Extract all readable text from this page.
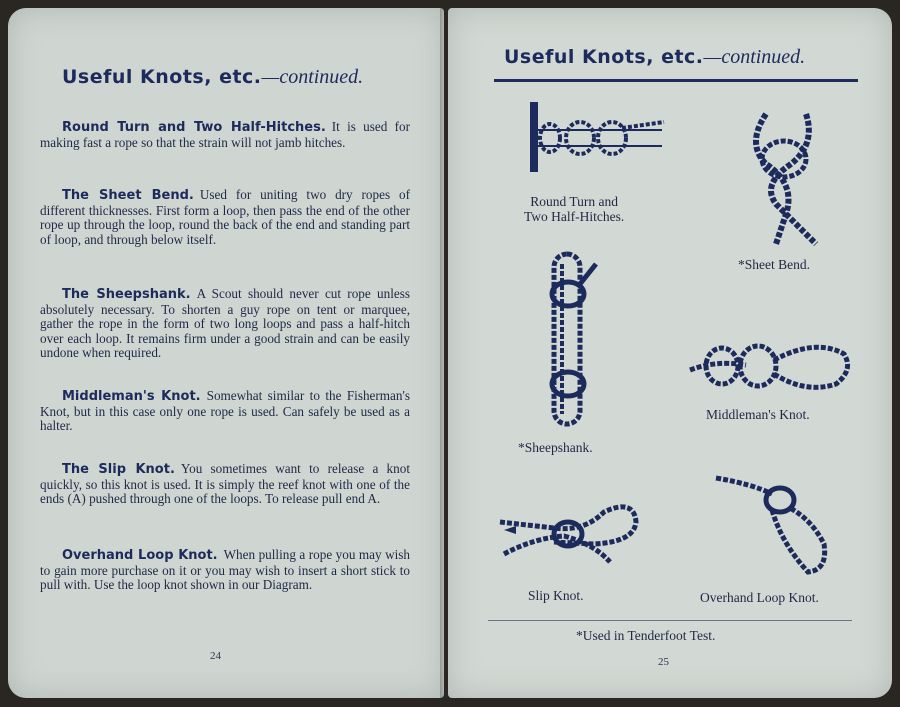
Useful Knots, etc.—continued.
Round Turn and Two Half-Hitches. It is used for making fast a rope so that the strain will not jamb hitches.
The Sheet Bend. Used for uniting two dry ropes of different thicknesses. First form a loop, then pass the end of the other rope up through the loop, round the back of the end and standing part of loop, and through below itself.
The Sheepshank. A Scout should never cut rope unless absolutely necessary. To shorten a guy rope on tent or marquee, gather the rope in the form of two long loops and pass a half-hitch over each loop. It remains firm under a good strain and can be easily undone when required.
Middleman's Knot. Somewhat similar to the Fisherman's Knot, but in this case only one rope is used. Can safely be used as a halter.
The Slip Knot. You sometimes want to release a knot quickly, so this knot is used. It is simply the reef knot with one of the ends (A) pushed through one of the loops. To release pull end A.
Overhand Loop Knot. When pulling a rope you may wish to gain more purchase on it or you may wish to insert a short stick to pull with. Use the loop knot shown in our Diagram.
24
Useful Knots, etc.—continued.
Round Turn and
Two Half-Hitches.
*Sheet Bend.
*Sheepshank.
Middleman's Knot.
Slip Knot.	Overhand Loop Knot.
*Used in Tenderfoot Test.
25
